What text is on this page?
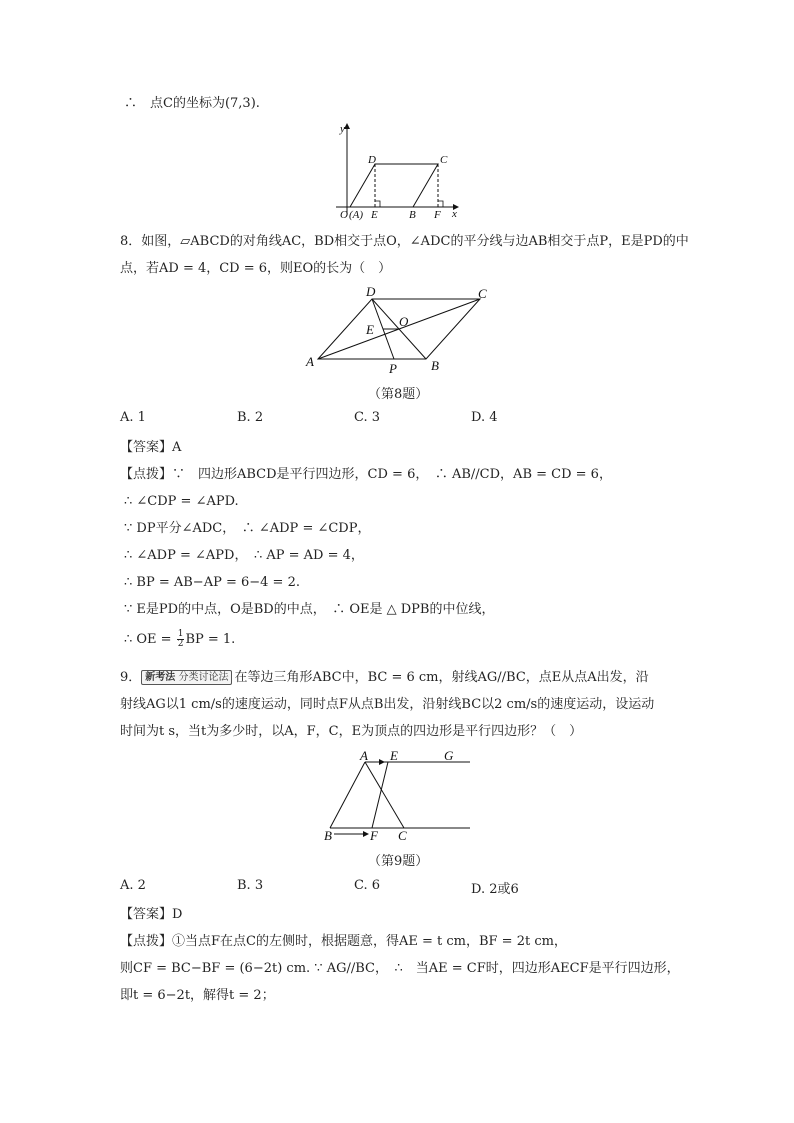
∴　点C的坐标为(7,3).
y
x
D	C
O (A) E	B F
8．如图，▱ABCD的对角线AC，BD相交于点O，∠ADC的平分线与边AB相交于点P，E是PD的中
点，若AD = 4，CD = 6，则EO的长为（　）
D	C
E
O
A	P	B
（第8题）
A. 1	B. 2	C. 3	D. 4
【答案】A
【点拨】∵　四边形ABCD是平行四边形，CD = 6，　∴ AB//CD，AB = CD = 6，
∴ ∠CDP = ∠APD.
∵ DP平分∠ADC，　∴ ∠ADP = ∠CDP，
∴ ∠ADP = ∠APD，　∴ AP = AD = 4，
∴ BP = AB−AP = 6−4 = 2.
∵ E是PD的中点，O是BD的中点，　∴ OE是 △ DPB的中位线，
∴ OE = $\frac{1}{2}$ BP = 1.
9． 新考法 分类讨论法 在等边三角形ABC中，BC = 6 cm，射线AG//BC，点E从点A出发，沿
射线AG以1 cm/s的速度运动，同时点F从点B出发，沿射线BC以2 cm/s的速度运动，设运动
时间为t s，当t为多少时，以A，F，C，E为顶点的四边形是平行四边形？（　）
A E	G
B	F C
（第9题）
A. 2	B. 3	C. 6	D. 2或6
【答案】D
【点拨】①当点F在点C的左侧时，根据题意，得AE = t cm，BF = 2t cm，
则CF = BC−BF = (6−2t) cm. ∵ AG//BC，　∴　当AE = CF时，四边形AECF是平行四边形，
即t = 6−2t，解得t = 2；
